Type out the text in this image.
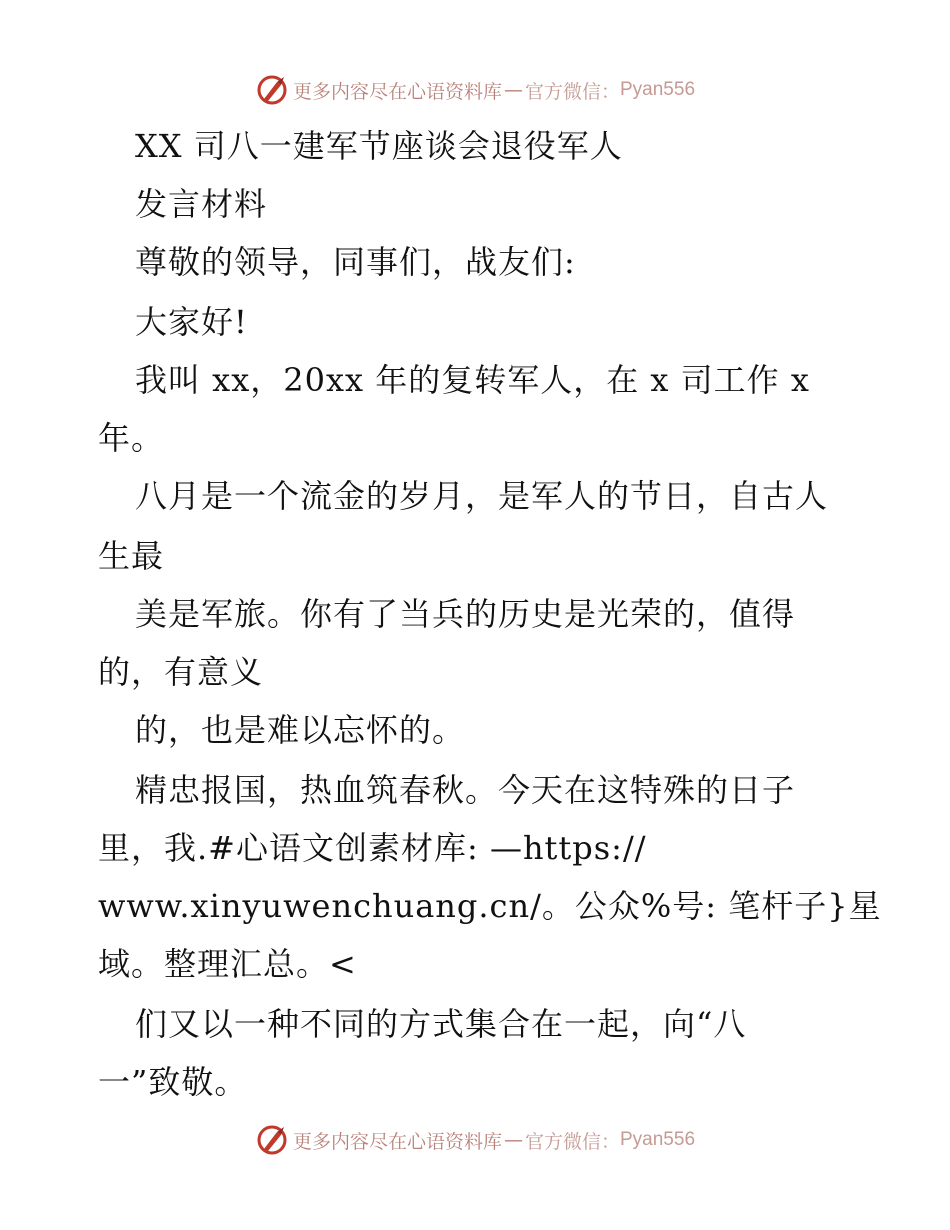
更多内容尽在心语资料库 — 官方微信： Pyan556
XX 司八一建军节座谈会退役军人
发言材料
尊敬的领导，同事们，战友们:
大家好!
我叫 xx，20xx 年的复转军人，在 x 司工作 x
年。
八月是一个流金的岁月，是军人的节日，自古人
生最
美是军旅。你有了当兵的历史是光荣的，值得
的，有意义
的，也是难以忘怀的。
精忠报国，热血筑春秋。今天在这特殊的日子
里，我.#心语文创素材库: —https://
www.xinyuwenchuang.cn/。公众%号: 笔杆子}星
域。整理汇总。<
们又以一种不同的方式集合在一起，向“八
一”致敬。
更多内容尽在心语资料库 — 官方微信： Pyan556
